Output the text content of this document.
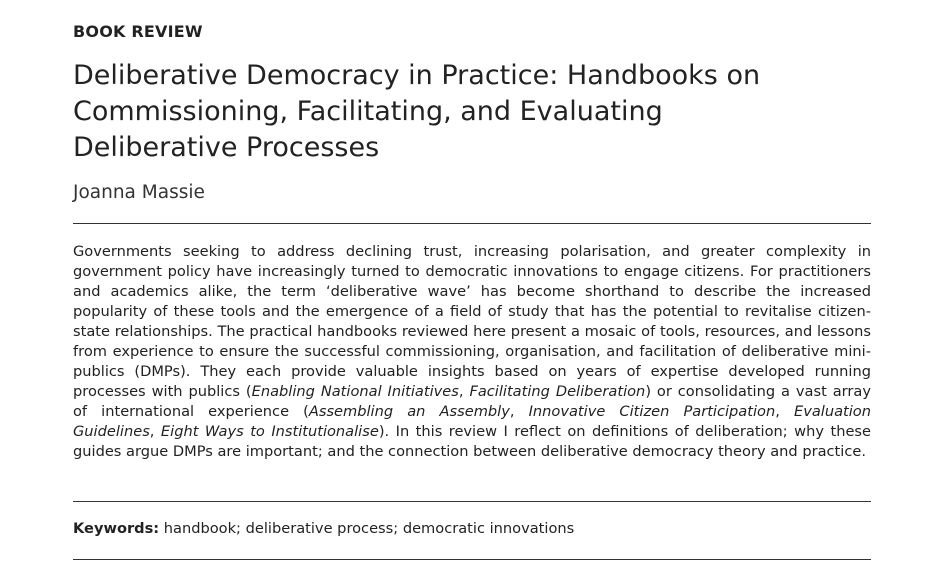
BOOK REVIEW
Deliberative Democracy in Practice: Handbooks on Commissioning, Facilitating, and Evaluating Deliberative Processes
Joanna Massie

Governments seeking to address declining trust, increasing polarisation, and greater complexity in government policy have increasingly turned to democratic innovations to engage citizens. For practitioners and academics alike, the term ‘deliberative wave’ has become shorthand to describe the increased popularity of these tools and the emergence of a field of study that has the potential to revitalise citizen-state relationships. The practical handbooks reviewed here present a mosaic of tools, resources, and lessons from experience to ensure the successful commissioning, organisation, and facilitation of deliberative mini-publics (DMPs). They each provide valuable insights based on years of expertise developed running processes with publics (Enabling National Initiatives, Facilitating Deliberation) or consolidating a vast array of international experience (Assembling an Assembly, Innovative Citizen Participation, Evaluation Guidelines, Eight Ways to Institutionalise). In this review I reflect on definitions of deliberation; why these guides argue DMPs are important; and the connection between deliberative democracy theory and practice.

Keywords: handbook; deliberative process; democratic innovations
